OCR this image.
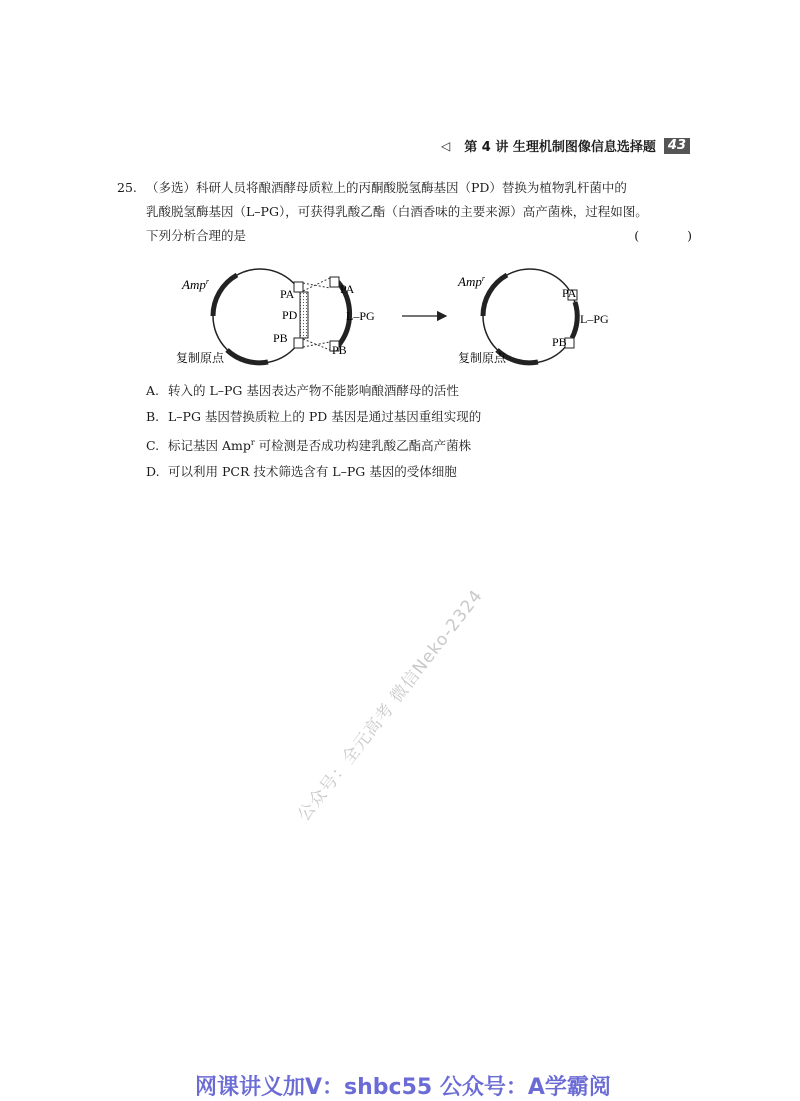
◁ 第 4 讲 生理机制图像信息选择题 43
25. （多选）科研人员将酿酒酵母质粒上的丙酮酸脱氢酶基因（PD）替换为植物乳杆菌中的
乳酸脱氢酶基因（L–PG），可获得乳酸乙酯（白酒香味的主要来源）高产菌株，过程如图。
下列分析合理的是	( )
Amp$^r$
PA
PD
PB
PA
L–PG
PB
复制原点
Amp$^r$
PA
L–PG
PB
复制原点
A. 转入的 L–PG 基因表达产物不能影响酿酒酵母的活性
B. L–PG 基因替换质粒上的 PD 基因是通过基因重组实现的
C. 标记基因 Amp$^r$ 可检测是否成功构建乳酸乙酯高产菌株
D. 可以利用 PCR 技术筛选含有 L–PG 基因的受体细胞
公众号：全元高考 微信Neko-2324
网课讲义加V：shbc55 公众号：A学霸阅
